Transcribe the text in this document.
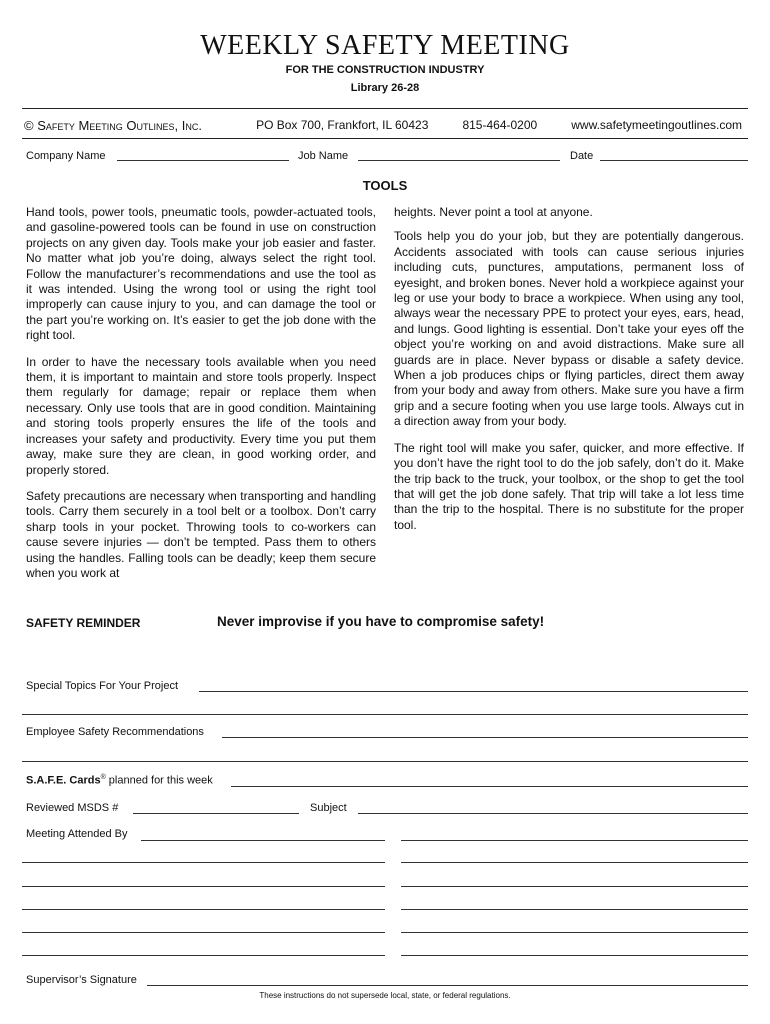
WEEKLY SAFETY MEETING
FOR THE CONSTRUCTION INDUSTRY
Library 26-28
© Safety Meeting Outlines, Inc.	PO Box 700, Frankfort, IL 60423	815-464-0200	www.safetymeetingoutlines.com
Company Name	Job Name	Date
TOOLS

Hand tools, power tools, pneumatic tools, powder-actuated tools, and gasoline-powered tools can be found in use on construction projects on any given day. Tools make your job easier and faster. No matter what job you’re doing, always select the right tool. Follow the manufacturer’s recommendations and use the tool as it was intended. Using the wrong tool or using the right tool improperly can cause injury to you, and can damage the tool or the part you’re working on. It’s easier to get the job done with the right tool.

In order to have the necessary tools available when you need them, it is important to maintain and store tools properly. Inspect them regularly for damage; repair or replace them when necessary. Only use tools that are in good condition. Maintaining and storing tools properly ensures the life of the tools and increases your safety and productivity. Every time you put them away, make sure they are clean, in good working order, and properly stored.

Safety precautions are necessary when transporting and handling tools. Carry them securely in a tool belt or a toolbox. Don’t carry sharp tools in your pocket. Throwing tools to co-workers can cause severe injuries — don’t be tempted. Pass them to others using the handles. Falling tools can be deadly; keep them secure when you work at

heights. Never point a tool at anyone.

Tools help you do your job, but they are potentially dangerous. Accidents associated with tools can cause serious injuries including cuts, punctures, amputations, permanent loss of eyesight, and broken bones. Never hold a workpiece against your leg or use your body to brace a workpiece. When using any tool, always wear the necessary PPE to protect your eyes, ears, head, and lungs. Good lighting is essential. Don’t take your eyes off the object you’re working on and avoid distractions. Make sure all guards are in place. Never bypass or disable a safety device. When a job produces chips or flying particles, direct them away from your body and away from others. Make sure you have a firm grip and a secure footing when you use large tools. Always cut in a direction away from your body.

The right tool will make you safer, quicker, and more effective. If you don’t have the right tool to do the job safely, don’t do it. Make the trip back to the truck, your toolbox, or the shop to get the tool that will get the job done safely. That trip will take a lot less time than the trip to the hospital. There is no substitute for the proper tool.

SAFETY REMINDER	Never improvise if you have to compromise safety!
Special Topics For Your Project
Employee Safety Recommendations
S.A.F.E. Cards® planned for this week
Reviewed MSDS #	Subject
Meeting Attended By
Supervisor’s Signature
These instructions do not supersede local, state, or federal regulations.
